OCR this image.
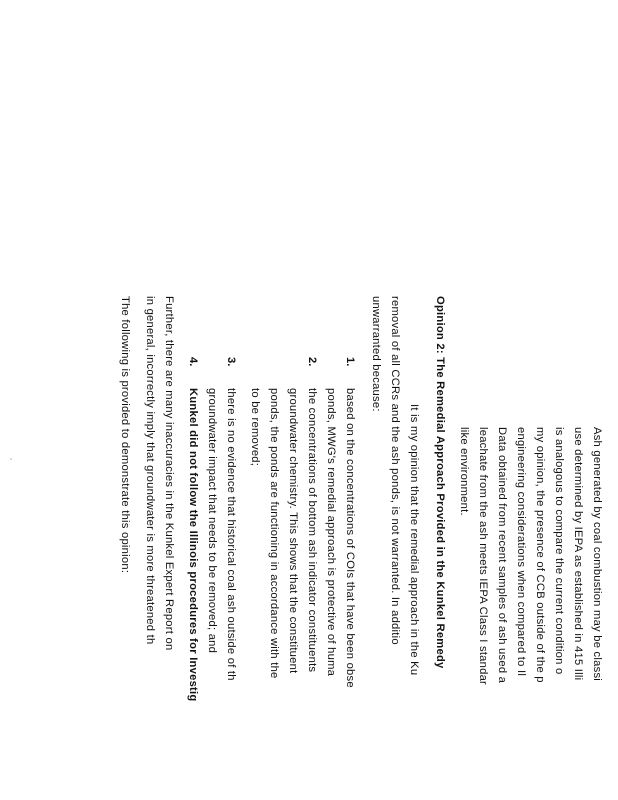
Ash generated by coal combustion may be classi
use determined by IEPA as established in 415 Illi
is analogous to compare the current condition o
my opinion, the presence of CCB outside of the p
engineering considerations when compared to Il
Data obtained from recent samples of ash used a
leachate from the ash meets IEPA Class I standar
like environment.
Opinion 2: The Remedial Approach Provided in the Kunkel Remedy
It is my opinion that the remedial approach in the Ku
removal of all CCRs and the ash ponds, is not warranted. In additio
unwarranted because:
1.
based on the concentrations of COIs that have been obse
ponds, MWG's remedial approach is protective of huma
2.
the concentrations of bottom ash indicator constituents
groundwater chemistry. This shows that the constituent
ponds, the ponds are functioning in accordance with the
to be removed;
3.
there is no evidence that historical coal ash outside of th
groundwater impact that needs to be removed; and
4.
Kunkel did not follow the Illinois procedures for Investig
Further, there are many inaccuracies in the Kunkel Expert Report on
in general, incorrectly imply that groundwater is more threatened th
The following is provided to demonstrate this opinion:
